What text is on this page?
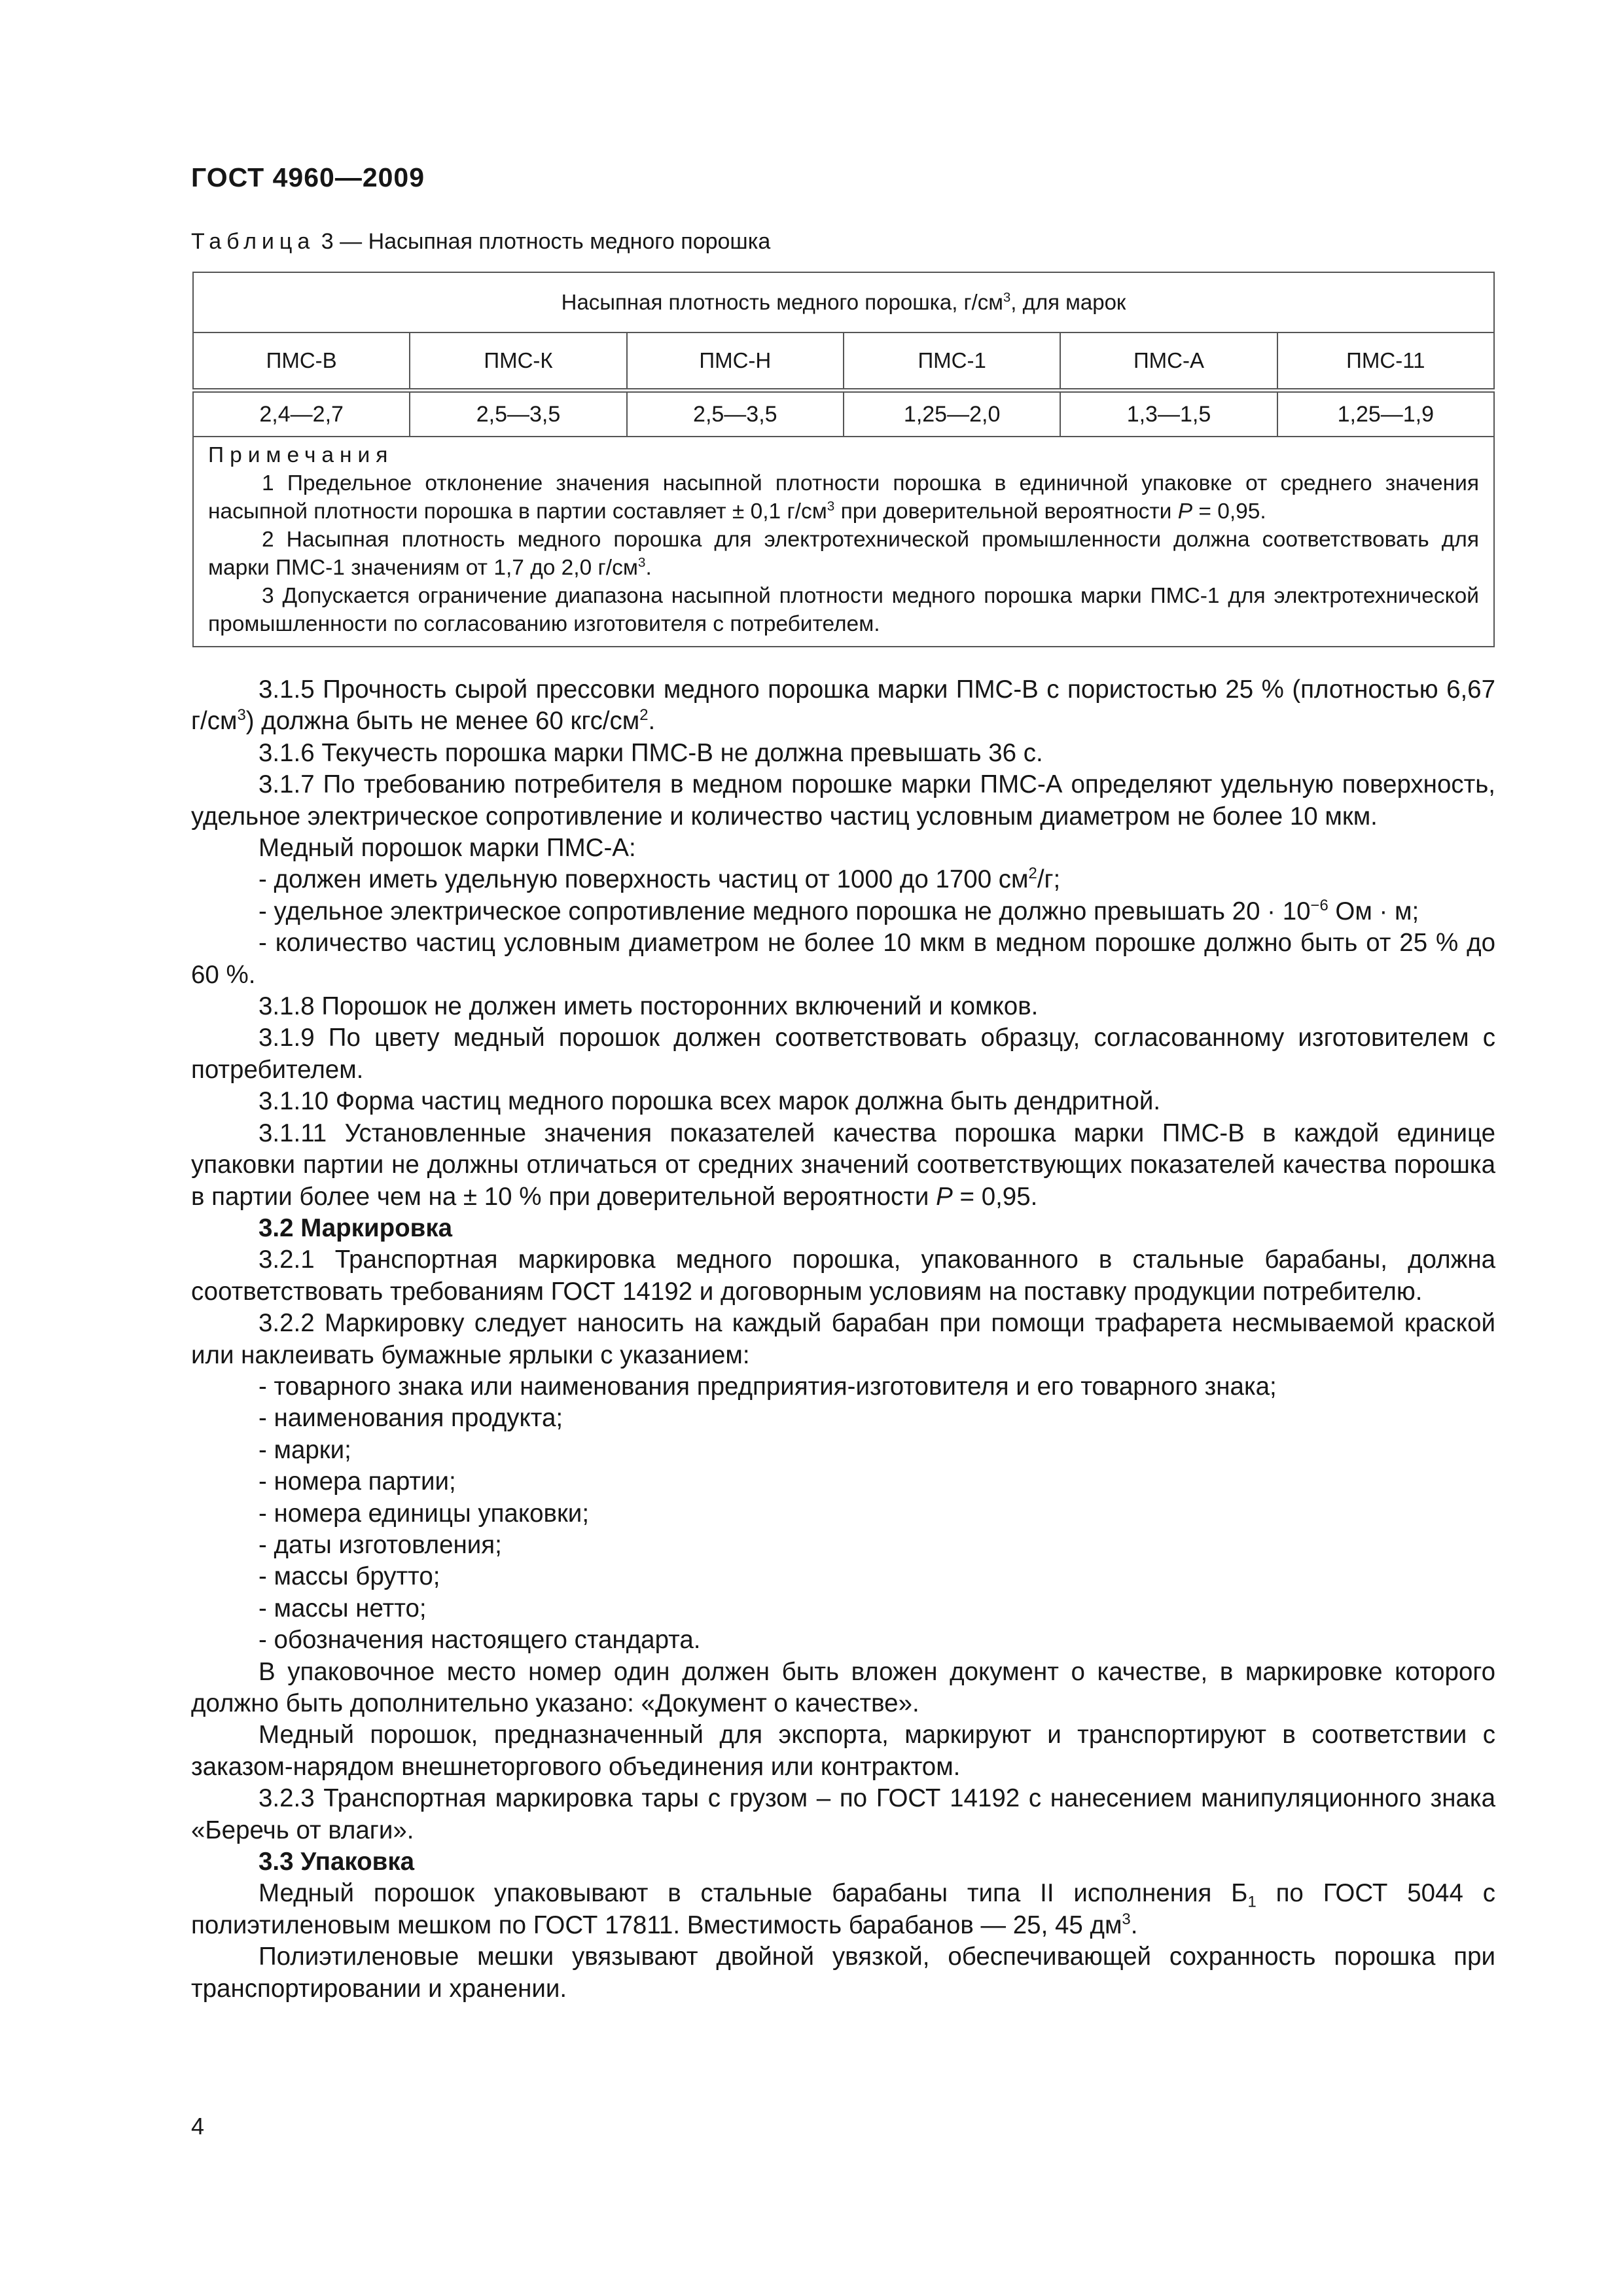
ГОСТ 4960—2009
Таблица 3 — Насыпная плотность медного порошка
Насыпная плотность медного порошка, $г/см^3$, для марок					
ПМС-В	ПМС-К	ПМС-Н	ПМС-1	ПМС-А	ПМС-11
2,4—2,7	2,5—3,5	2,5—3,5	1,25—2,0	1,3—1,5	1,25—1,9

Примечания
1 Предельное отклонение значения насыпной плотности порошка в единичной упаковке от среднего значения насыпной плотности порошка в партии составляет ± 0,1 $г/см^3$ при доверительной вероятности Р = 0,95.
2 Насыпная плотность медного порошка для электротехнической промышленности должна соответствовать для марки ПМС-1 значениям от 1,7 до 2,0 $г/см^3$.
3 Допускается ограничение диапазона насыпной плотности медного порошка марки ПМС-1 для электротехнической промышленности по согласованию изготовителя с потребителем.					

3.1.5 Прочность сырой прессовки медного порошка марки ПМС-В с пористостью 25 % (плотностью 6,67 $г/см^3$) должна быть не менее 60 кгс/$см^2$.

3.1.6 Текучесть порошка марки ПМС-В не должна превышать 36 с.

3.1.7 По требованию потребителя в медном порошке марки ПМС-А определяют удельную поверхность, удельное электрическое сопротивление и количество частиц условным диаметром не более 10 мкм.

Медный порошок марки ПМС-А:

- должен иметь удельную поверхность частиц от 1000 до 1700 $см^2/г$;

- удельное электрическое сопротивление медного порошка не должно превышать $20 \cdot 10^{-6}$ Ом · м;

- количество частиц условным диаметром не более 10 мкм в медном порошке должно быть от 25 % до 60 %.

3.1.8 Порошок не должен иметь посторонних включений и комков.

3.1.9 По цвету медный порошок должен соответствовать образцу, согласованному изготовителем с потребителем.

3.1.10 Форма частиц медного порошка всех марок должна быть дендритной.

3.1.11 Установленные значения показателей качества порошка марки ПМС-В в каждой единице упаковки партии не должны отличаться от средних значений соответствующих показателей качества порошка в партии более чем на ± 10 % при доверительной вероятности Р = 0,95.

3.2 Маркировка

3.2.1 Транспортная маркировка медного порошка, упакованного в стальные барабаны, должна соответствовать требованиям ГОСТ 14192 и договорным условиям на поставку продукции потребителю.

3.2.2 Маркировку следует наносить на каждый барабан при помощи трафарета несмываемой краской или наклеивать бумажные ярлыки с указанием:

- товарного знака или наименования предприятия-изготовителя и его товарного знака;

- наименования продукта;

- марки;

- номера партии;

- номера единицы упаковки;

- даты изготовления;

- массы брутто;

- массы нетто;

- обозначения настоящего стандарта.

В упаковочное место номер один должен быть вложен документ о качестве, в маркировке которого должно быть дополнительно указано: «Документ о качестве».

Медный порошок, предназначенный для экспорта, маркируют и транспортируют в соответствии с заказом-нарядом внешнеторгового объединения или контрактом.

3.2.3 Транспортная маркировка тары с грузом – по ГОСТ 14192 с нанесением манипуляционного знака «Беречь от влаги».

3.3 Упаковка

Медный порошок упаковывают в стальные барабаны типа II исполнения $Б_1$ по ГОСТ 5044 с полиэтиленовым мешком по ГОСТ 17811. Вместимость барабанов — 25, 45 $дм^3$.

Полиэтиленовые мешки увязывают двойной увязкой, обеспечивающей сохранность порошка при транспортировании и хранении.

4
